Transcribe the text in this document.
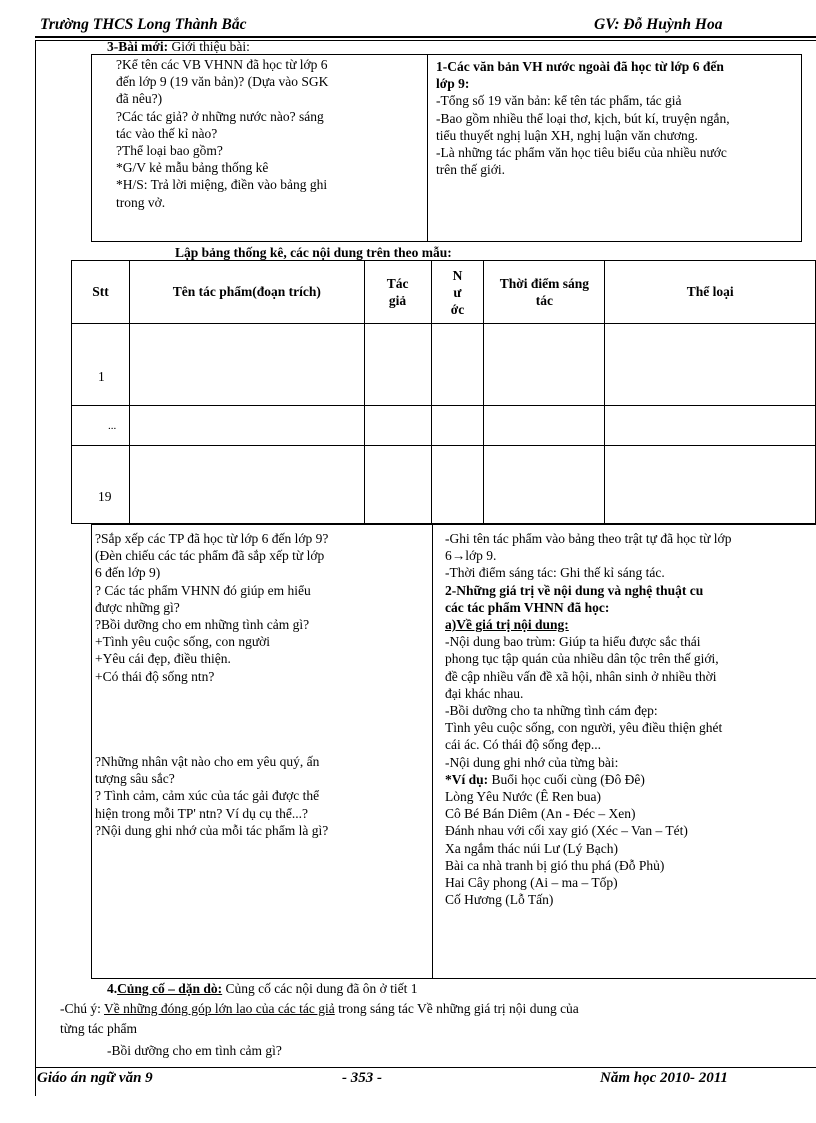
Trường THCS Long Thành Bắc	GV: Đỗ Huỳnh Hoa
3-Bài mới: Giới thiệu bài:
?Kể tên các VB VHNN đã học từ lớp 6
đến lớp 9 (19 văn bản)? (Dựa vào SGK
đã nêu?)
?Các tác giả? ở những nước nào? sáng
tác vào thế kỉ nào?
?Thể loại bao gồm?
*G/V kẻ mẫu bảng thống kê
*H/S: Trả lời miệng, điền vào bảng ghi
trong vở.
1-Các văn bản VH nước ngoài đã học từ lớp 6 đến
lớp 9:
-Tổng số 19 văn bản: kể tên tác phẩm, tác giả
-Bao gồm nhiều thể loại thơ, kịch, bút kí, truyện ngắn,
tiểu thuyết nghị luận XH, nghị luận văn chương.
-Là những tác phẩm văn học tiêu biểu của nhiều nước
trên thế giới.
Lập bảng thống kê, các nội dung trên theo mẫu:
Stt	Tên tác phẩm(đoạn trích)	Tác giả	Nước	Thời điểm sáng tác	Thể loại
1					
...					
19					
?Sắp xếp các TP đã học từ lớp 6 đến lớp 9?
(Đèn chiếu các tác phẩm đã sắp xếp từ lớp
6 đến lớp 9)
? Các tác phẩm VHNN đó giúp em hiểu
được những gì?
?Bồi dưỡng cho em những tình cảm gì?
+Tình yêu cuộc sống, con người
+Yêu cái đẹp, điều thiện.
+Có thái độ sống ntn?
?Những nhân vật nào cho em yêu quý, ấn
tượng sâu sắc?
? Tình cảm, cảm xúc của tác gải được thể
hiện trong mỗi TP' ntn? Ví dụ cụ thể...?
?Nội dung ghi nhớ của mỗi tác phẩm là gì?
-Ghi tên tác phẩm vào bảng theo trật tự đã học từ lớp
6→lớp 9.
-Thời điểm sáng tác: Ghi thế kỉ sáng tác.
2-Những giá trị về nội dung và nghệ thuật cu
các tác phẩm VHNN đã học:
a)Về giá trị nội dung:
-Nội dung bao trùm: Giúp ta hiểu được sắc thái
phong tục tập quán của nhiều dân tộc trên thế giới,
đề cập nhiều vấn đề xã hội, nhân sinh ở nhiều thời
đại khác nhau.
-Bồi dưỡng cho ta những tình cám đẹp:
Tình yêu cuộc sống, con người, yêu điều thiện ghét
cái ác. Có thái độ sống đẹp...
-Nội dung ghi nhớ của từng bài:
*Ví dụ: Buổi học cuối cùng (Đô Đê)
Lòng Yêu Nước (Ê Ren bua)
Cô Bé Bán Diêm (An - Đéc – Xen)
Đánh nhau với cối xay gió (Xéc – Van – Tét)
Xa ngắm thác núi Lư (Lý Bạch)
Bài ca nhà tranh bị gió thu phá (Đỗ Phủ)
Hai Cây phong (Ai – ma – Tốp)
Cố Hương (Lỗ Tấn)
4.Củng cố – dặn dò: Củng cố các nội dung đã ôn ở tiết 1
-Chú ý: Về những đóng góp lớn lao của các tác giả trong sáng tác Về những giá trị nội dung của
từng tác phẩm
-Bồi dưỡng cho em tình cảm gì?
Giáo án ngữ văn 9	- 353 -	Năm học 2010- 2011
